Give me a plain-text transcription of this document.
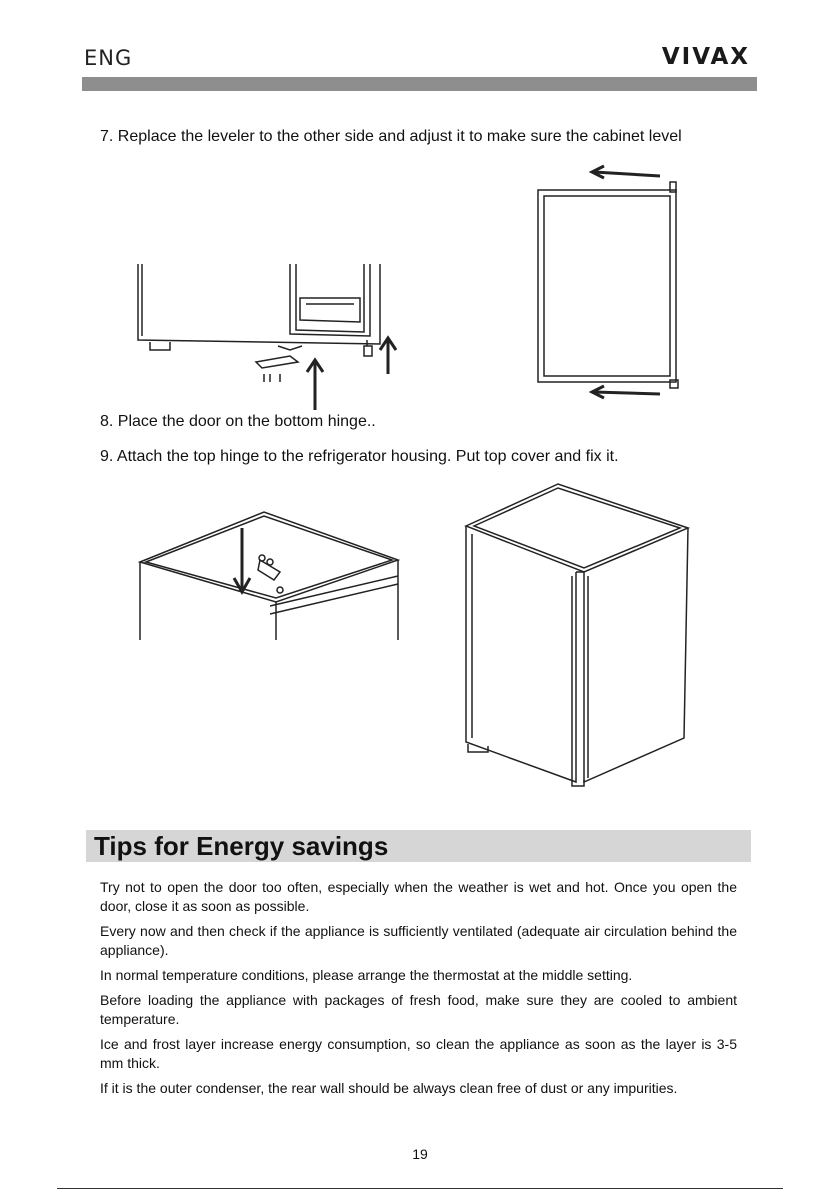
ENG	VIVAX
7. Replace the leveler to the other side and adjust it to make sure the cabinet level
8. Place the door on the bottom hinge..
9. Attach the top hinge to the refrigerator housing. Put top cover and fix it.
Tips for Energy savings

Try not to open the door too often, especially when the weather is wet and hot. Once you open the door, close it as soon as possible.

Every now and then check if the appliance is sufficiently ventilated (adequate air circulation behind the appliance).

In normal temperature conditions, please arrange the thermostat at the middle setting.

Before loading the appliance with packages of fresh food, make sure they are cooled to ambient temperature.

Ice and frost layer increase energy consumption, so clean the appliance as soon as the layer is 3-5 mm thick.

If it is the outer condenser, the rear wall should be always clean free of dust or any impurities.

19
